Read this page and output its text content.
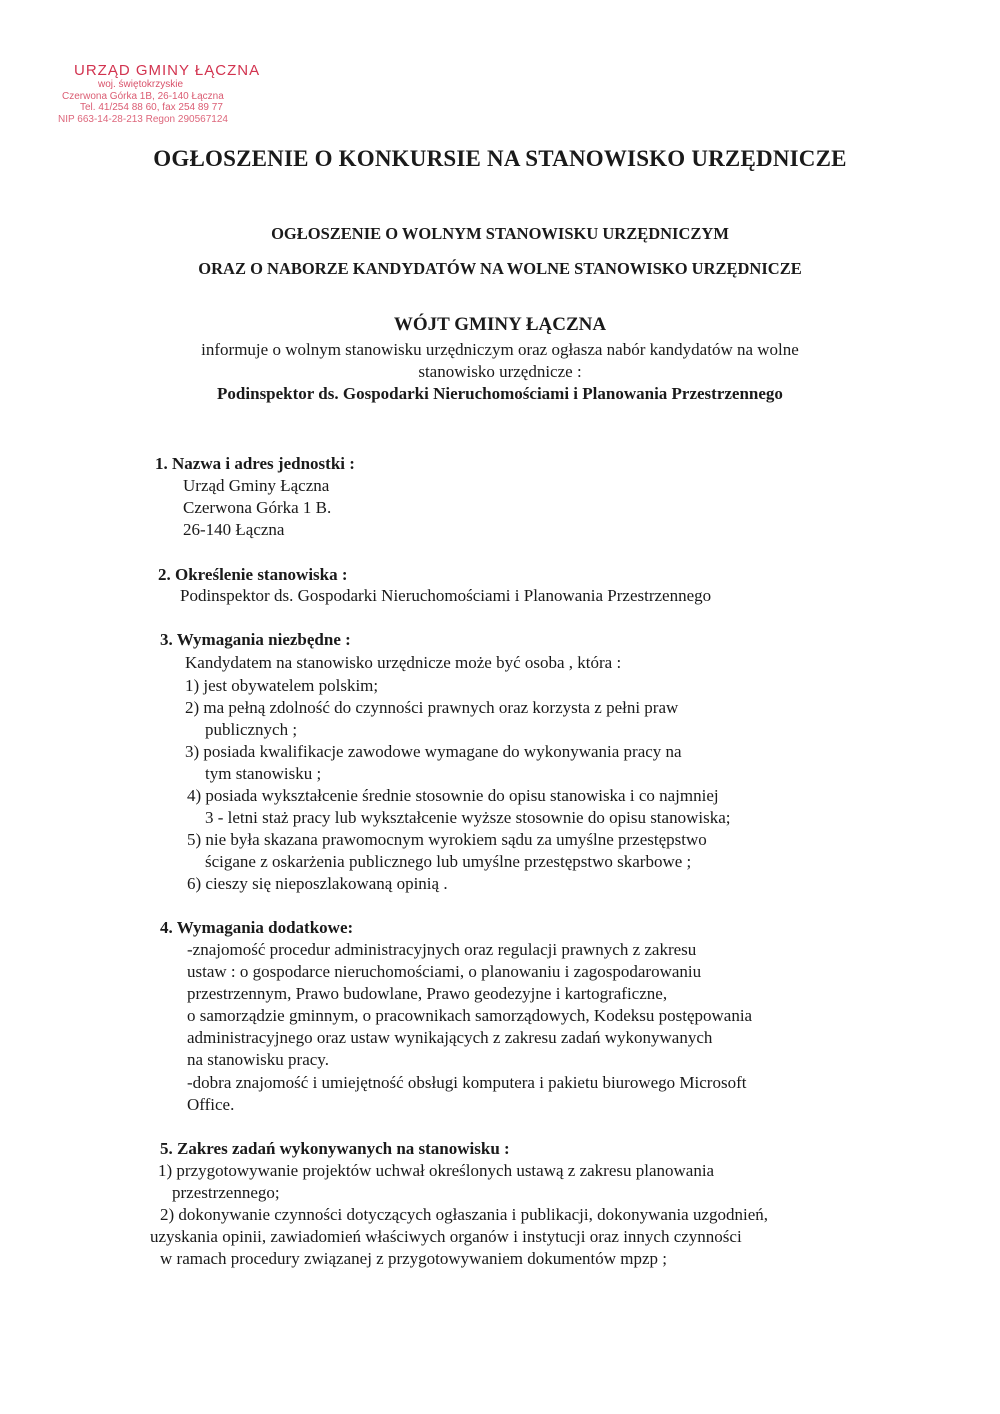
URZĄD GMINY ŁĄCZNA
woj. świętokrzyskie
Czerwona Górka 1B, 26-140 Łączna
Tel. 41/254 88 60, fax 254 89 77
NIP 663-14-28-213 Regon 290567124
OGŁOSZENIE O KONKURSIE NA STANOWISKO URZĘDNICZE
OGŁOSZENIE O WOLNYM STANOWISKU URZĘDNICZYM
ORAZ O NABORZE KANDYDATÓW NA WOLNE STANOWISKO URZĘDNICZE
WÓJT GMINY ŁĄCZNA
informuje o wolnym stanowisku urzędniczym oraz ogłasza nabór kandydatów na wolne
stanowisko urzędnicze :
Podinspektor ds. Gospodarki Nieruchomościami i Planowania Przestrzennego
1. Nazwa i adres jednostki :
Urząd Gminy Łączna
Czerwona Górka 1 B.
26-140 Łączna
2. Określenie stanowiska :
Podinspektor ds. Gospodarki Nieruchomościami i Planowania Przestrzennego
3. Wymagania niezbędne :
Kandydatem na stanowisko urzędnicze może być osoba , która :
1) jest obywatelem polskim;
2) ma pełną zdolność do czynności prawnych oraz korzysta z pełni praw
publicznych ;
3) posiada kwalifikacje zawodowe wymagane do wykonywania pracy na
tym stanowisku ;
4) posiada wykształcenie średnie stosownie do opisu stanowiska i co najmniej
3 - letni staż pracy lub wykształcenie wyższe stosownie do opisu stanowiska;
5) nie była skazana prawomocnym wyrokiem sądu za umyślne przestępstwo
ścigane z oskarżenia publicznego lub umyślne przestępstwo skarbowe ;
6) cieszy się nieposzlakowaną opinią .
4. Wymagania dodatkowe:
-znajomość procedur administracyjnych oraz regulacji prawnych z zakresu
ustaw : o gospodarce nieruchomościami, o planowaniu i zagospodarowaniu
przestrzennym, Prawo budowlane, Prawo geodezyjne i kartograficzne,
o samorządzie gminnym, o pracownikach samorządowych, Kodeksu postępowania
administracyjnego oraz ustaw wynikających z zakresu zadań wykonywanych
na stanowisku pracy.
-dobra znajomość i umiejętność obsługi komputera i pakietu biurowego Microsoft
Office.
5. Zakres zadań wykonywanych na stanowisku :
1) przygotowywanie projektów uchwał określonych ustawą z zakresu planowania
przestrzennego;
2) dokonywanie czynności dotyczących ogłaszania i publikacji, dokonywania uzgodnień,
uzyskania opinii, zawiadomień właściwych organów i instytucji oraz innych czynności
w ramach procedury związanej z przygotowywaniem dokumentów mpzp ;
